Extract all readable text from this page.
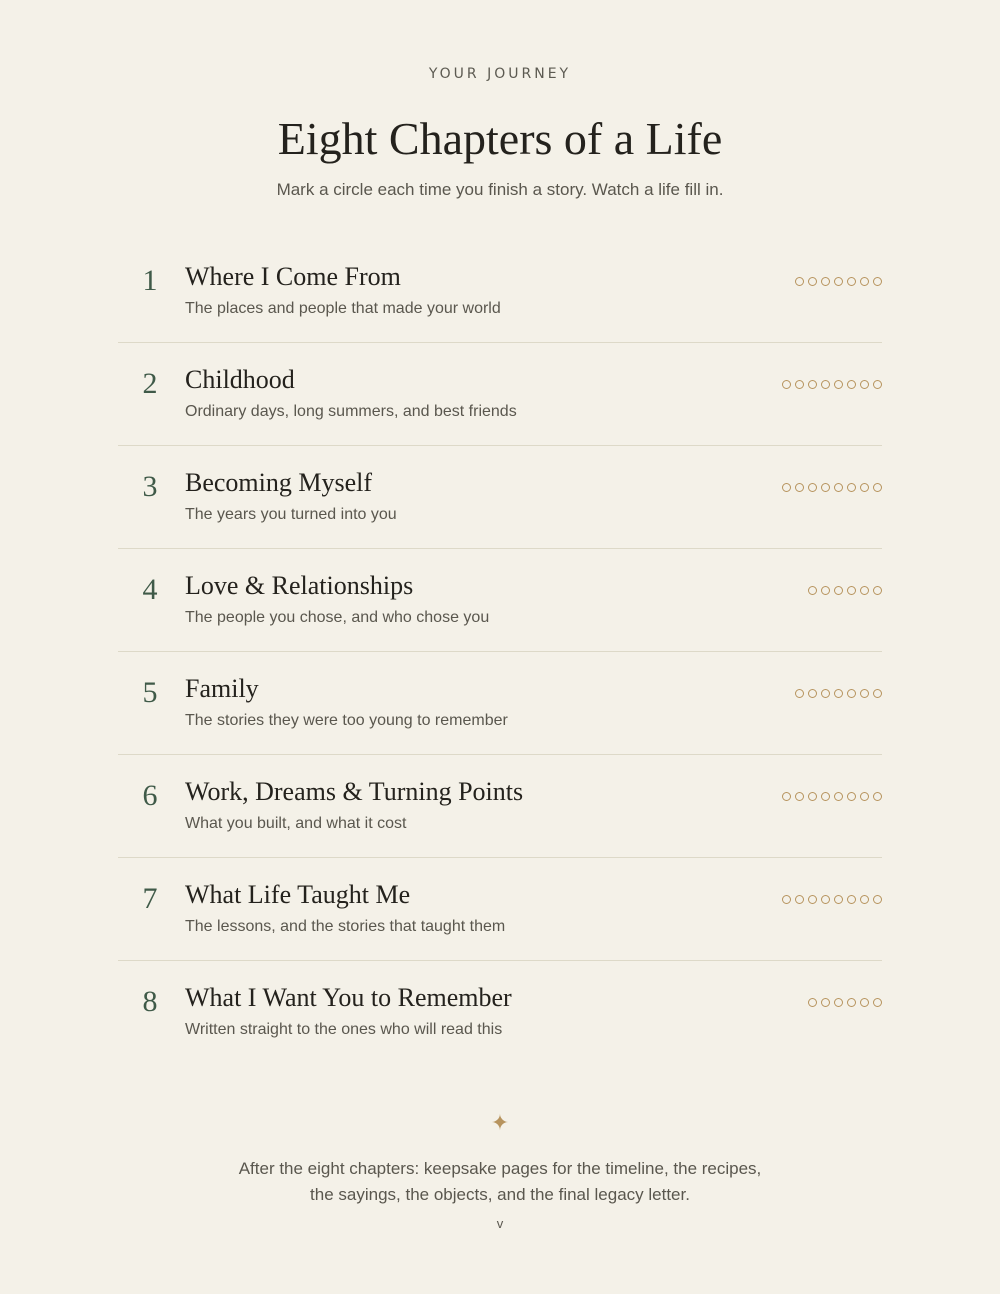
YOUR JOURNEY
Eight Chapters of a Life
Mark a circle each time you finish a story. Watch a life fill in.
1 Where I Come From
The places and people that made your world
2 Childhood
Ordinary days, long summers, and best friends
3 Becoming Myself
The years you turned into you
4 Love & Relationships
The people you chose, and who chose you
5 Family
The stories they were too young to remember
6 Work, Dreams & Turning Points
What you built, and what it cost
7 What Life Taught Me
The lessons, and the stories that taught them
8 What I Want You to Remember
Written straight to the ones who will read this
✦
After the eight chapters: keepsake pages for the timeline, the recipes,
the sayings, the objects, and the final legacy letter.
v
